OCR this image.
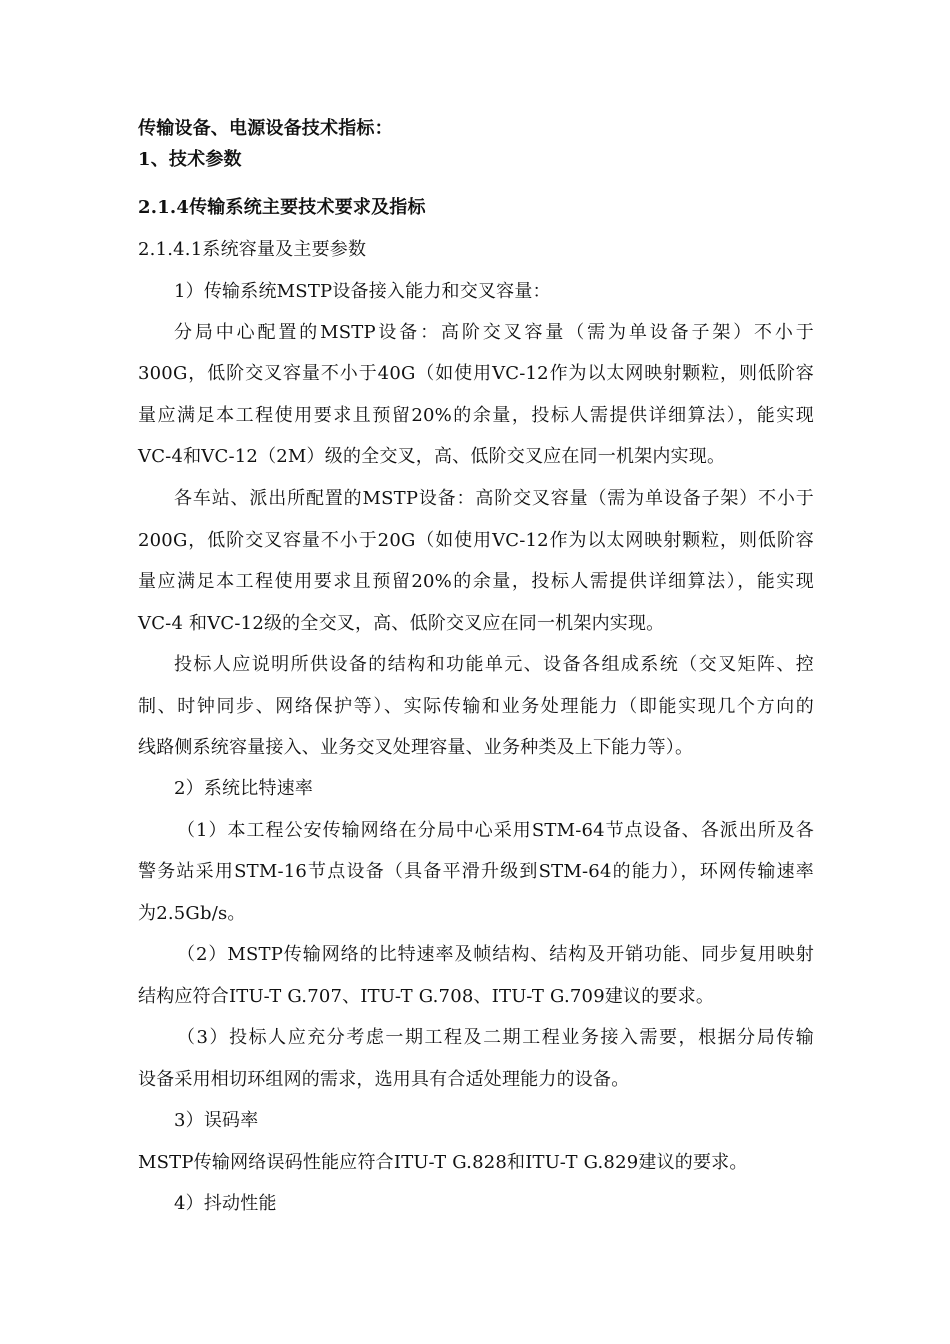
传输设备、电源设备技术指标：
1、技术参数
2.1.4传输系统主要技术要求及指标
2.1.4.1系统容量及主要参数
1）传输系统MSTP设备接入能力和交叉容量：
分局中心配置的MSTP设备：高阶交叉容量（需为单设备子架）不小于
300G，低阶交叉容量不小于40G（如使用VC-12作为以太网映射颗粒，则低阶容
量应满足本工程使用要求且预留20%的余量，投标人需提供详细算法），能实现
VC-4和VC-12（2M）级的全交叉，高、低阶交叉应在同一机架内实现。
各车站、派出所配置的MSTP设备：高阶交叉容量（需为单设备子架）不小于
200G，低阶交叉容量不小于20G（如使用VC-12作为以太网映射颗粒，则低阶容
量应满足本工程使用要求且预留20%的余量，投标人需提供详细算法），能实现
VC-4 和VC-12级的全交叉，高、低阶交叉应在同一机架内实现。
投标人应说明所供设备的结构和功能单元、设备各组成系统（交叉矩阵、控
制、时钟同步、网络保护等）、实际传输和业务处理能力（即能实现几个方向的
线路侧系统容量接入、业务交叉处理容量、业务种类及上下能力等）。
2）系统比特速率
（1）本工程公安传输网络在分局中心采用STM-64节点设备、各派出所及各
警务站采用STM-16节点设备（具备平滑升级到STM-64的能力），环网传输速率
为2.5Gb/s。
（2）MSTP传输网络的比特速率及帧结构、结构及开销功能、同步复用映射
结构应符合ITU-T G.707、ITU-T G.708、ITU-T G.709建议的要求。
（3）投标人应充分考虑一期工程及二期工程业务接入需要，根据分局传输
设备采用相切环组网的需求，选用具有合适处理能力的设备。
3）误码率
MSTP传输网络误码性能应符合ITU-T G.828和ITU-T G.829建议的要求。
4）抖动性能
